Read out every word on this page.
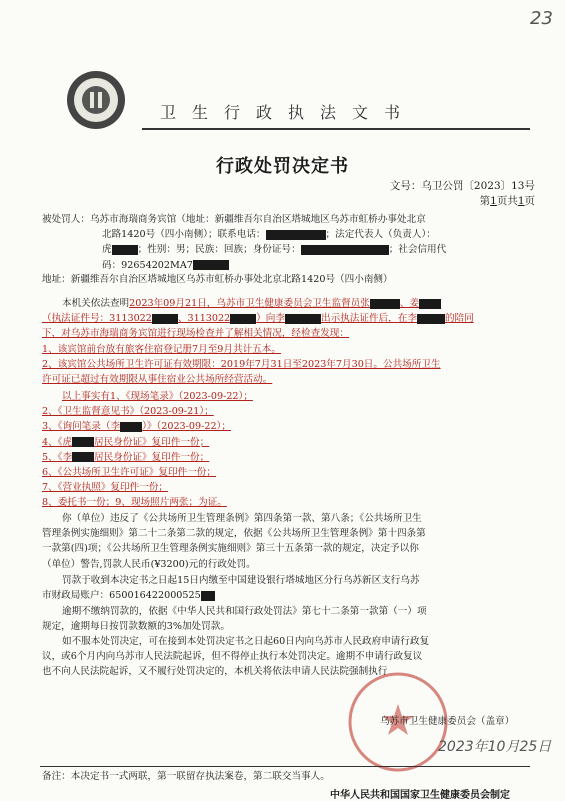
23
卫生行政执法文书
行政处罚决定书
文号：乌卫公罚〔2023〕13号
第1页共1页
被处罚人：乌苏市海瑞商务宾馆（地址：新疆维吾尔自治区塔城地区乌苏市虹桥办事处北京
北路1420号（四小南侧）；联系电话：	；法定代表人（负责人）：
虎	；性别：男；民族：回族；身份证号：	；社会信用代
码：92654202MA7
地址：新疆维吾尔自治区塔城地区乌苏市虹桥办事处北京北路1420号（四小南侧）
本机关依法查明2023年09月21日，乌苏市卫生健康委员会卫生监督员张	、姜
（执法证件号：3113022	、3113022	）向李	出示执法证件后，在李	的陪同
下，对乌苏市海瑞商务宾馆进行现场检查并了解相关情况，经检查发现：
1、该宾馆前台放有旅客住宿登记册7月至9月共计五本。
2、该宾馆公共场所卫生许可证有效期限：2019年7月31日至2023年7月30日。公共场所卫生
许可证已超过有效期限从事住宿业公共场所经营活动。
以上事实有1、《现场笔录》（2023-09-22）；
2、《卫生监督意见书》（2023-09-21）；
3、《询问笔录（李 ）》（2023-09-22）；
4、《虎 居民身份证》复印件一份；
5、《李 居民身份证》复印件一份；
6、《公共场所卫生许可证》复印件一份；
7、《营业执照》复印件一份；
8、委托书一份；9、现场照片两张；为证。
你（单位）违反了《公共场所卫生管理条例》第四条第一款、第八条；《公共场所卫生
管理条例实施细则》第二十二条第二款的规定，依据《公共场所卫生管理条例》第十四条第
一款第(四)项；《公共场所卫生管理条例实施细则》第三十五条第一款的规定，决定予以你
（单位）警告,罚款人民币(¥3200)元的行政处罚。
罚款于收到本决定书之日起15日内缴至中国建设银行塔城地区分行乌苏新区支行乌苏
市财政局账户：650016422000525
逾期不缴纳罚款的，依据《中华人民共和国行政处罚法》第七十二条第一款第（一）项
规定，逾期每日按罚款数额的3%加处罚款。
如不服本处罚决定，可在接到本处罚决定书之日起60日内向乌苏市人民政府申请行政复
议，或6个月内向乌苏市人民法院起诉，但不得停止执行本处罚决定。逾期不申请行政复议
也不向人民法院起诉，又不履行处罚决定的，本机关将依法申请人民法院强制执行
乌苏市卫生健康委员会（盖章）
2023年10月25日
备注：本决定书一式两联，第一联留存执法案卷，第二联交当事人。
中华人民共和国国家卫生健康委员会制定
